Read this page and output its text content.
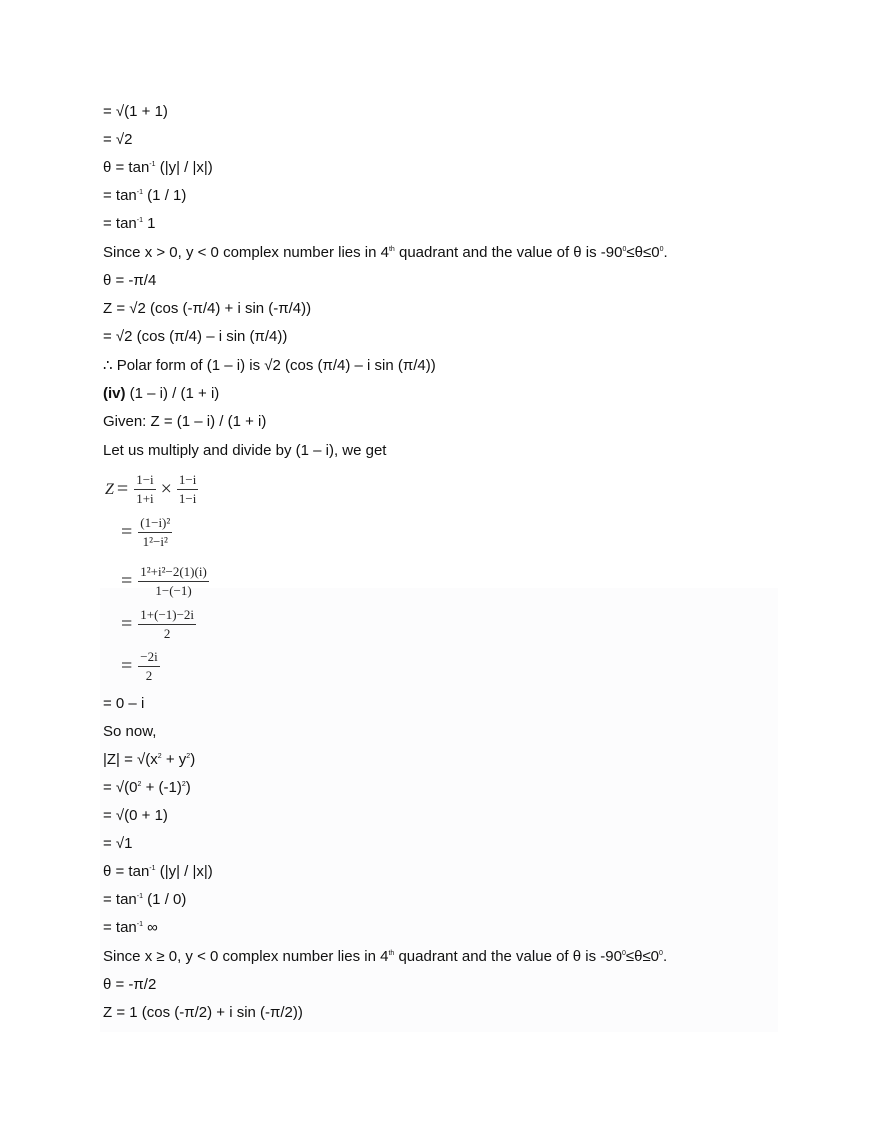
= √(1 + 1)
= √2
$\theta = \tan^{-1} (|y| / |x|)$
= $\tan^{-1} (1 / 1)$
= $\tan^{-1} 1$
Since x > 0, y < 0 complex number lies in 4th quadrant and the value of θ is $-90^0\le\theta\le 0^0$.
θ = -π/4
Z = √2 (cos (-π/4) + i sin (-π/4))
= √2 (cos (π/4) – i sin (π/4))
∴ Polar form of (1 – i) is √2 (cos (π/4) – i sin (π/4))
(iv) (1 – i) / (1 + i)
Given: Z = (1 – i) / (1 + i)
Let us multiply and divide by (1 – i), we get
$Z = \frac{1-i}{1+i} \times \frac{1-i}{1-i}$
= $\frac{\text{(1−i)²}}{\text{1²−i²}}$
= $\frac{\text{1²+i²−2(1)(i)}}{1-(-1)}$
= $\frac{1+(-1)-2i}{2}$
= $\frac{-2i}{2}$
= 0 – i
So now,
$|Z| = √(x^2 + y^2)$
= $√(0^2 + (-1)^2)$
= √(0 + 1)
= √1
$\theta = \tan^{-1} (|y| / |x|)$
= $\tan^{-1} (1 / 0)$
= $\tan^{-1}$ ∞
Since x ≥ 0, y < 0 complex number lies in 4th quadrant and the value of θ is $-90^0\le\theta\le 0^0$.
θ = -π/2
Z = 1 (cos (-π/2) + i sin (-π/2))
